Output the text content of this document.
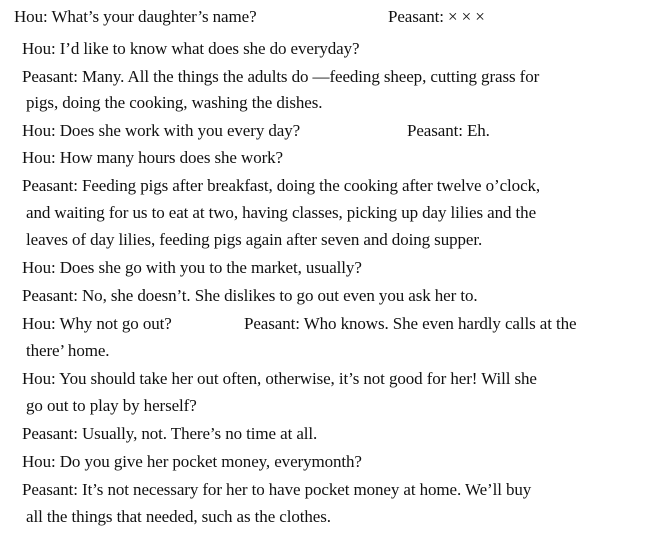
Hou: What’s your daughter’s name?	Peasant: × × ×
Hou: I’d like to know what does she do everyday?
Peasant: Many. All the things the adults do —feeding sheep, cutting grass for
pigs, doing the cooking, washing the dishes.
Hou: Does she work with you every day?	Peasant: Eh.
Hou: How many hours does she work?
Peasant: Feeding pigs after breakfast, doing the cooking after twelve o’clock,
and waiting for us to eat at two, having classes, picking up day lilies and the
leaves of day lilies, feeding pigs again after seven and doing supper.
Hou: Does she go with you to the market, usually?
Peasant: No, she doesn’t. She dislikes to go out even you ask her to.
Hou: Why not go out?	Peasant: Who knows. She even hardly calls at the
there’ home.
Hou: You should take her out often, otherwise, it’s not good for her! Will she
go out to play by herself?
Peasant: Usually, not. There’s no time at all.
Hou: Do you give her pocket money, everymonth?
Peasant: It’s not necessary for her to have pocket money at home. We’ll buy
all the things that needed, such as the clothes.
